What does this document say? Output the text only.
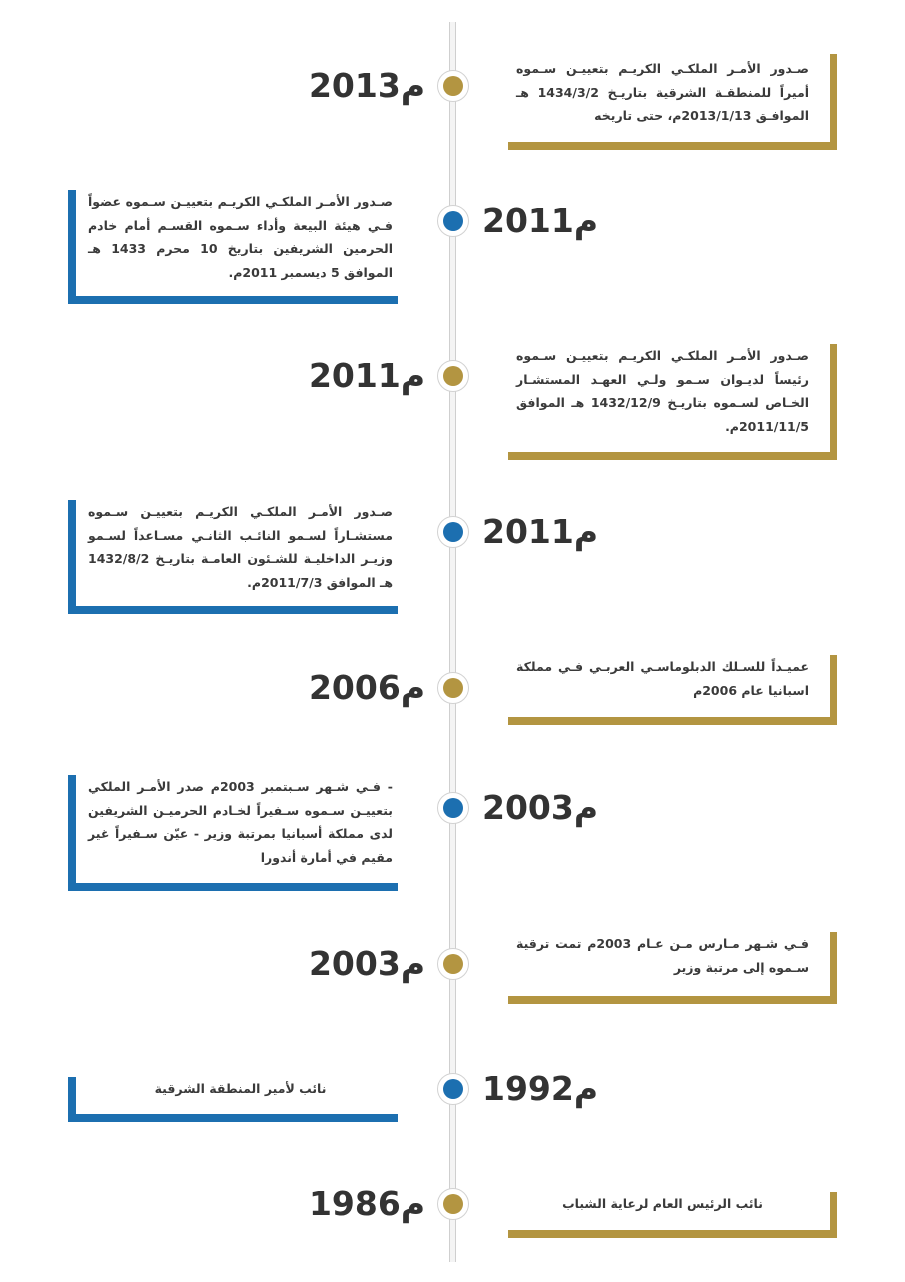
2013م	صـدور الأمـر الملكـي الكريـم بتعييـن سـموه أميراً للمنطقـة الشرقية بتاريـخ 1434/3/2 هـ الموافـق 2013/1/13م، حتى تاريخه
2011م
صـدور الأمـر الملكـي الكريـم بتعييـن سـموه عضواً فـي هيئة البيعة وأداء سـموه القسـم أمام خادم الحرمين الشريفين بتاريخ 10 محرم 1433 هـ الموافق 5 ديسمبر 2011م.
2011م
صـدور الأمـر الملكـي الكريـم بتعييـن سـموه رئيساً لديـوان سـمو ولـي العهـد المستشـار الخـاص لسـموه بتاريـخ 1432/12/9 هـ الموافق 2011/11/5م.
2011م
صـدور الأمـر الملكـي الكريـم بتعييـن سـموه مستشـاراً لسـمو النائـب الثانـي مسـاعداً لسـمو وزيـر الداخليـة للشـئون العامـة بتاريـخ 1432/8/2 هـ الموافق 2011/7/3م.
2006م
عميـداً للسـلك الدبلوماسـي العربـي فـي مملكة اسبانيا عام 2006م
2003م
- فـي شـهر سـبتمبر 2003م صدر الأمـر الملكي بتعييـن سـموه سـفيراً لخـادم الحرميـن الشريفين لدى مملكة أسبانيا بمرتبة وزير - عيّن سـفيراً غير مقيم في أمارة أندورا
2003م
فـي شـهر مـارس مـن عـام 2003م تمت ترقية سـموه إلى مرتبة وزير
1992م
نائب لأمير المنطقة الشرقية
1986م	نائب الرئيس العام لرعاية الشباب
